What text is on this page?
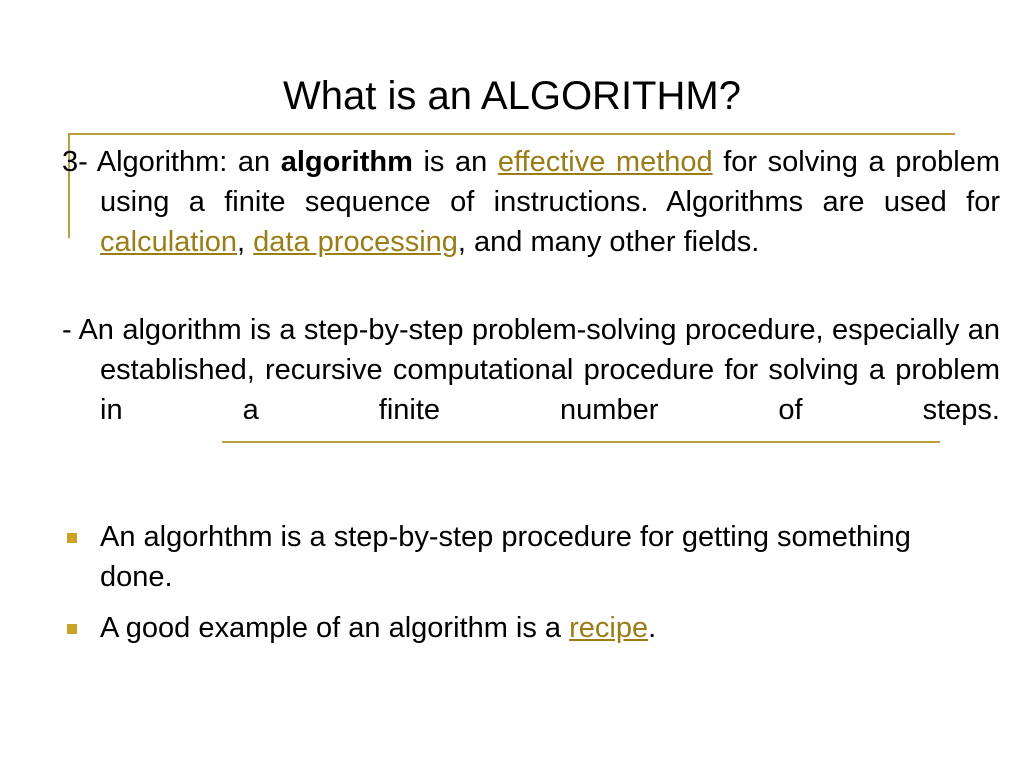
What is an ALGORITHM?
3- Algorithm: an algorithm is an effective method for solving a problem using a finite sequence of instructions. Algorithms are used for calculation, data processing, and many other fields.
- An algorithm is a step-by-step problem-solving procedure, especially an established, recursive computational procedure for solving a problem in a finite number of steps.
An algorhthm is a step-by-step procedure for getting something done.
A good example of an algorithm is a recipe.
